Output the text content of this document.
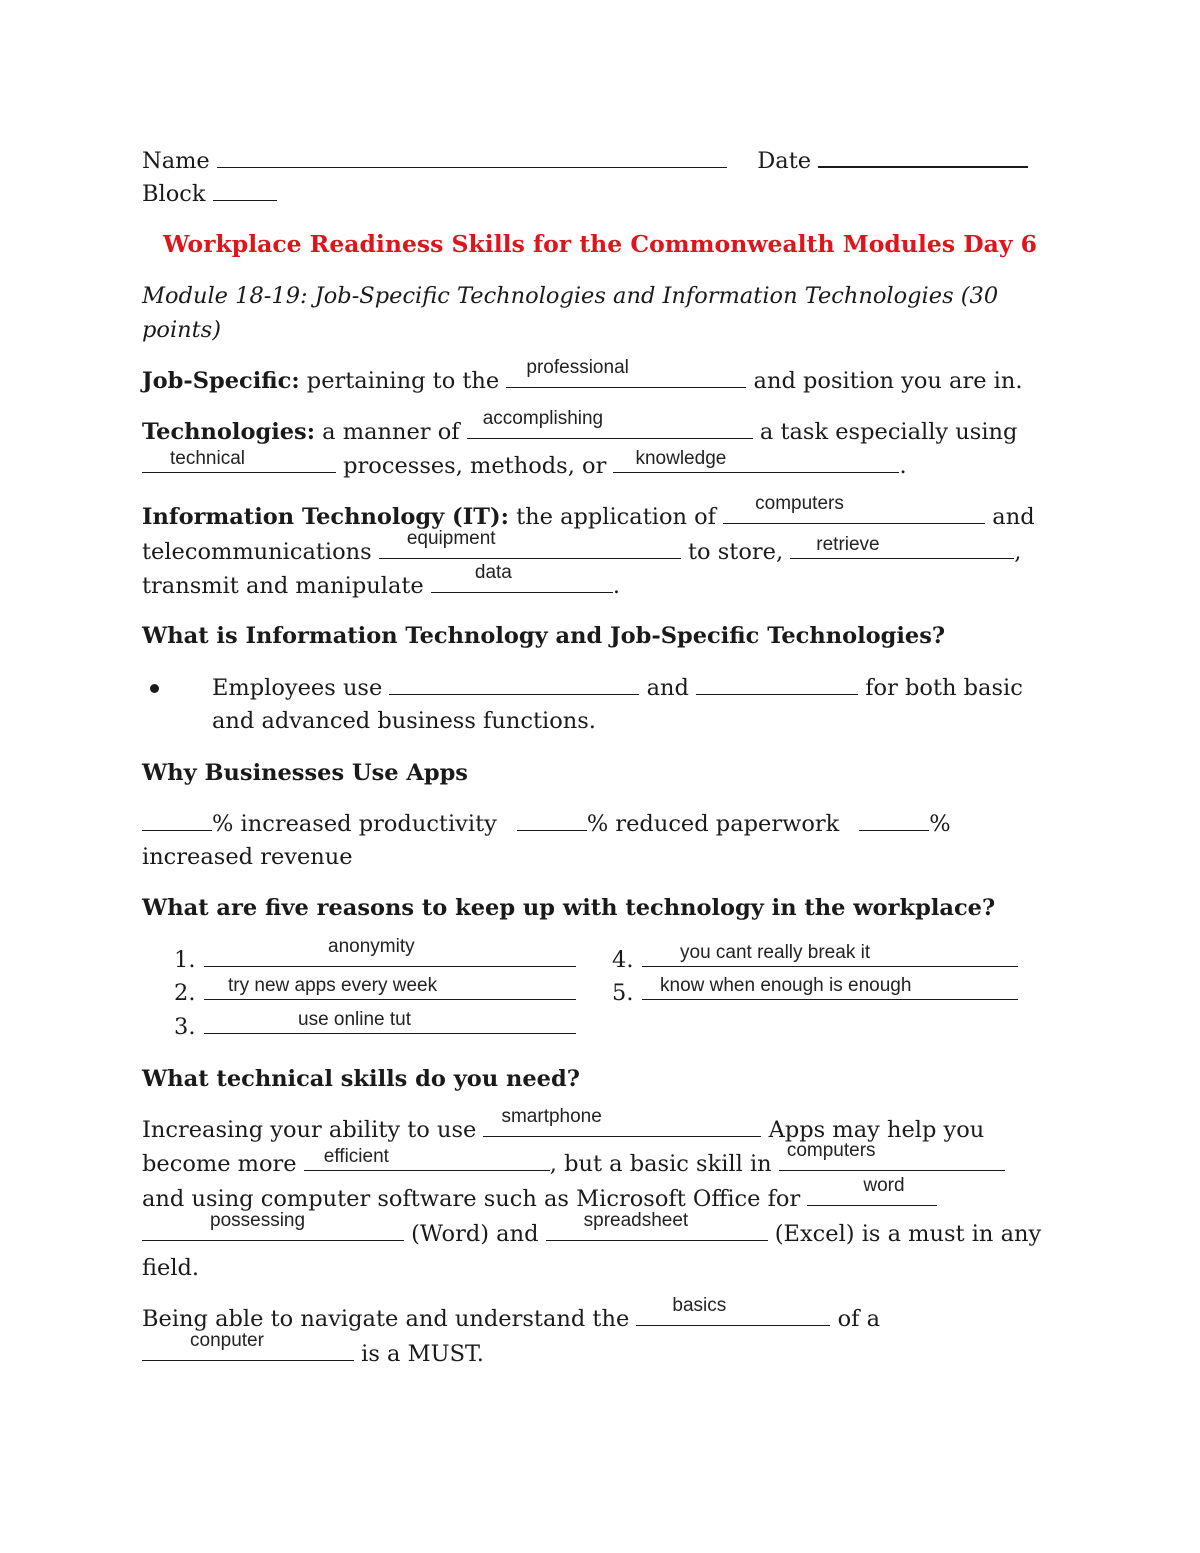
Name	Date
Block
Workplace Readiness Skills for the Commonwealth Modules Day 6
Module 18-19: Job-Specific Technologies and Information Technologies (30
points)
Job-Specific: pertaining to the
professional
and position you are in.
Technologies: a manner of
accomplishing
a task especially using
technical	processes, methods, or	knowledge	.
Information Technology (IT): the application of
computers
and
telecommunications
equipment
to store,	retrieve	,
transmit and manipulate
data
.
What is Information Technology and Job-Specific Technologies?
Employees use	and	for both basic
and advanced business functions.
Why Businesses Use Apps
% increased productivity	% reduced paperwork	%
increased revenue
What are five reasons to keep up with technology in the workplace?
1.
anonymity
2.	try new apps every week
3.	use online tut
4.	you cant really break it
5.	know when enough is enough
What technical skills do you need?
Increasing your ability to use
smartphone
Apps may help you
become more	efficient	, but a basic skill in
computers
and using computer software such as Microsoft Office for
word
possessing
(Word) and
spreadsheet
(Excel) is a must in any
field.
Being able to navigate and understand the
basics
of a
conputer
is a MUST.
